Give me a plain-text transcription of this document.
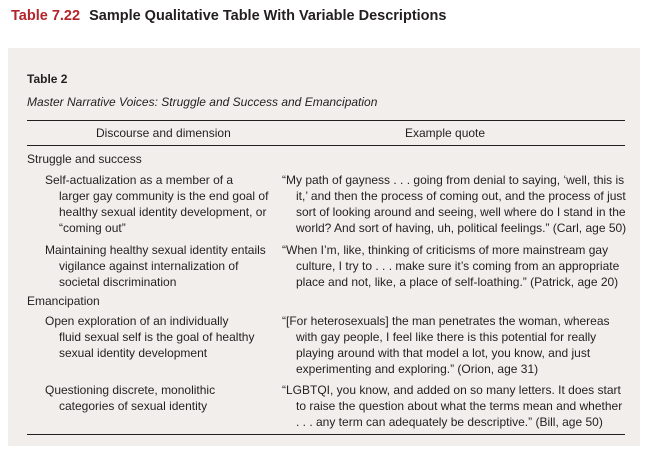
Table 7.22 Sample Qualitative Table With Variable Descriptions
Table 2
Master Narrative Voices: Struggle and Success and Emancipation
Discourse and dimension	Example quote
Struggle and success
Self-actualization as a member of a
larger gay community is the end goal of
healthy sexual identity development, or
“coming out”
“My path of gayness . . . going from denial to saying, ‘well, this is
it,’ and then the process of coming out, and the process of just
sort of looking around and seeing, well where do I stand in the
world? And sort of having, uh, political feelings.” (Carl, age 50)
Maintaining healthy sexual identity entails
vigilance against internalization of
societal discrimination
“When I’m, like, thinking of criticisms of more mainstream gay
culture, I try to . . . make sure it’s coming from an appropriate
place and not, like, a place of self-loathing.” (Patrick, age 20)
Emancipation
Open exploration of an individually
fluid sexual self is the goal of healthy
sexual identity development
“[For heterosexuals] the man penetrates the woman, whereas
with gay people, I feel like there is this potential for really
playing around with that model a lot, you know, and just
experimenting and exploring.” (Orion, age 31)
Questioning discrete, monolithic
categories of sexual identity
“LGBTQI, you know, and added on so many letters. It does start
to raise the question about what the terms mean and whether
. . . any term can adequately be descriptive.” (Bill, age 50)
